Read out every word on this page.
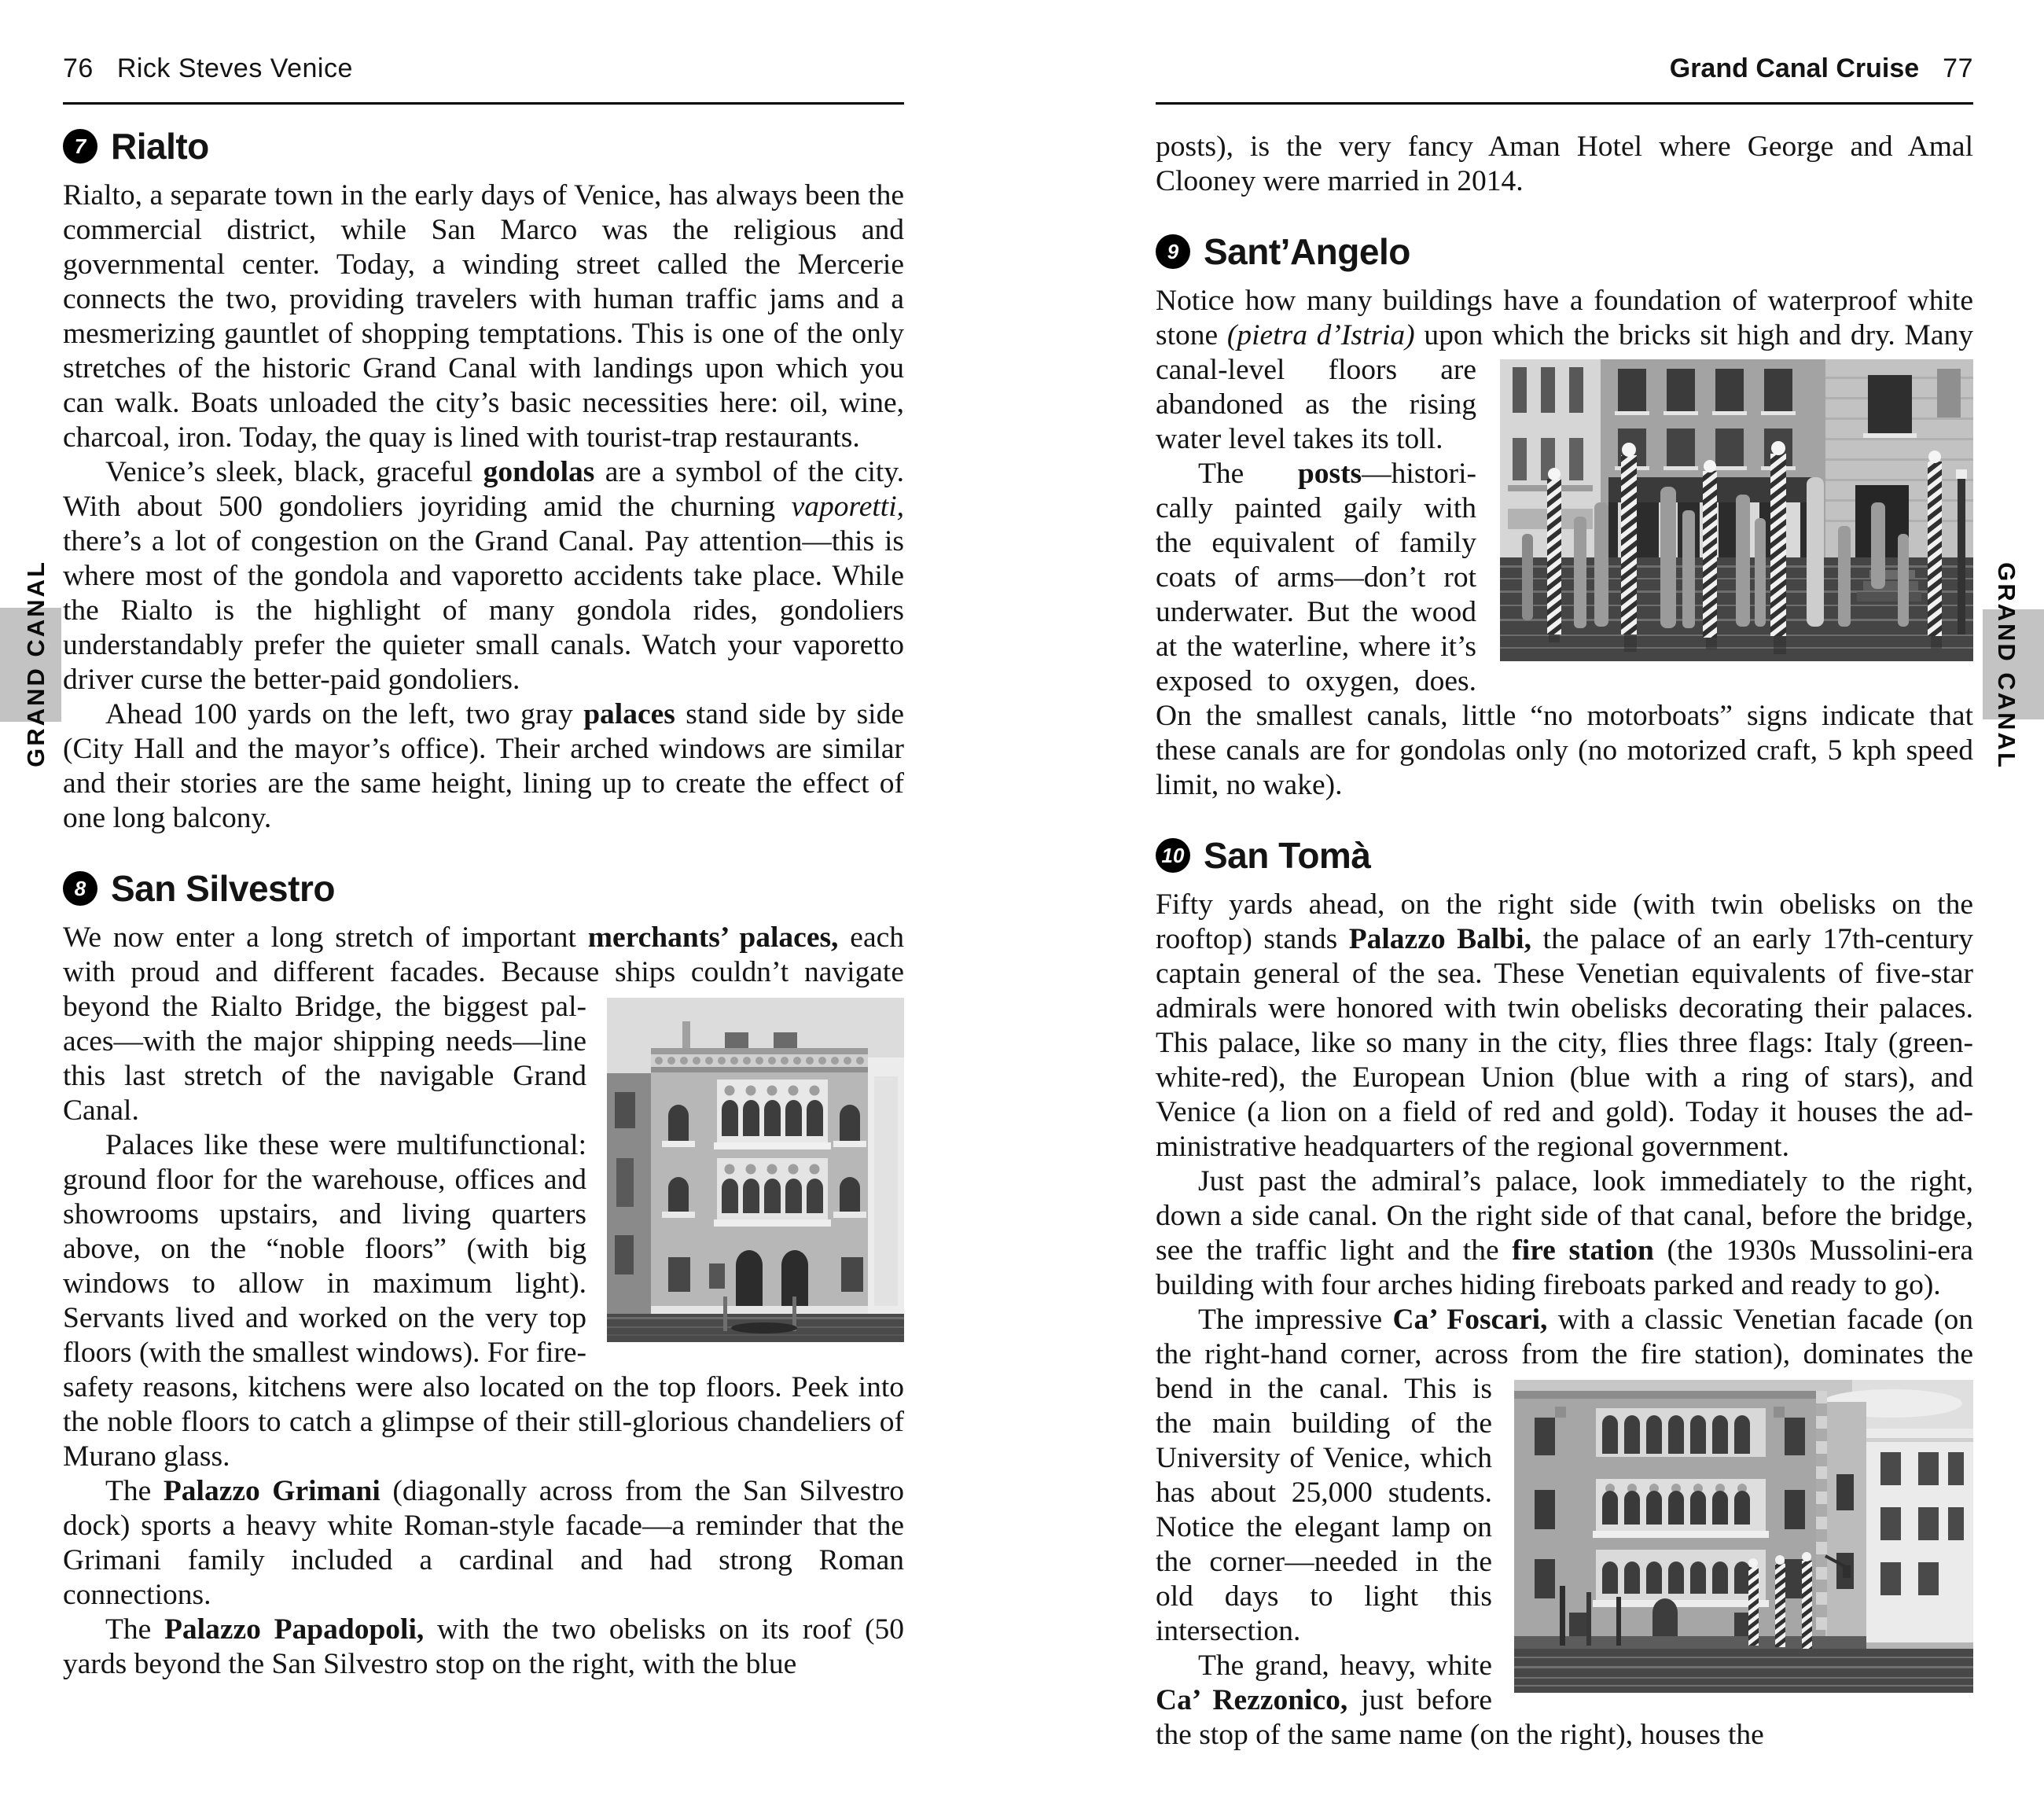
GRAND CANAL	GRAND CANAL
76 Rick Steves Venice
7 Rialto

Rialto, a separate town in the early days of Venice, has always been the commercial district, while San Marco was the religious and governmental center. Today, a winding street called the Mercerie connects the two, providing travelers with human traffic jams and a mesmerizing gauntlet of shopping temptations. This is one of the only stretches of the historic Grand Canal with landings upon which you can walk. Boats unloaded the city’s basic necessities here: oil, wine, charcoal, iron. Today, the quay is lined with tourist-trap restaurants.

Venice’s sleek, black, graceful gondolas are a symbol of the city. With about 500 gondoliers joyriding amid the churning vaporetti, there’s a lot of congestion on the Grand Canal. Pay attention—this is where most of the gondola and vaporetto accidents take place. While the Rialto is the highlight of many gondola rides, gondoliers understandably prefer the quieter small canals. Watch your vaporetto driver curse the better-paid gondoliers.

Ahead 100 yards on the left, two gray palaces stand side by side (City Hall and the mayor’s office). Their arched windows are similar and their stories are the same height, lining up to create the effect of one long balcony.

8 San Silvestro

We now enter a long stretch of important merchants’ palaces, each with proud and different facades. Because ships couldn’t navigate
beyond the Rialto Bridge, the biggest palaces—with the major shipping needs—line this last stretch of the navigable Grand Canal.

Palaces like these were multifunctional: ground floor for the warehouse, offices and showrooms upstairs, and living quarters above, on the “noble floors” (with big windows to allow in maximum light). Servants lived and worked on the very top floors (with the smallest windows). For fire-safety reasons, kitchens were also located on the top floors. Peek into the noble floors to catch a glimpse of their still-glorious chandeliers of Murano glass.

The Palazzo Grimani (diagonally across from the San Silvestro dock) sports a heavy white Roman-style facade—a reminder that the Grimani family included a cardinal and had strong Roman connections.

The Palazzo Papadopoli, with the two obelisks on its roof (50 yards beyond the San Silvestro stop on the right, with the blue

Grand Canal Cruise 77

posts), is the very fancy Aman Hotel where George and Amal Clooney were married in 2014.

9 Sant’Angelo

Notice how many buildings have a foundation of waterproof white stone (pietra d’Istria) upon which the bricks sit high and dry. Many
canal-level floors are abandoned as the rising water level takes its toll.

The posts—historically painted gaily with the equivalent of family coats of arms—don’t rot underwater. But the wood at the waterline, where it’s exposed to oxygen, does. On the smallest canals, little “no motorboats” signs indicate that these canals are for gondolas only (no motorized craft, 5 kph speed limit, no wake).

10 San Tomà

Fifty yards ahead, on the right side (with twin obelisks on the rooftop) stands Palazzo Balbi, the palace of an early 17th-century captain general of the sea. These Venetian equivalents of five-star admirals were honored with twin obelisks decorating their palaces. This palace, like so many in the city, flies three flags: Italy (green-white-red), the European Union (blue with a ring of stars), and Venice (a lion on a field of red and gold). Today it houses the administrative headquarters of the regional government.

Just past the admiral’s palace, look immediately to the right, down a side canal. On the right side of that canal, before the bridge, see the traffic light and the fire station (the 1930s Mussolini-era building with four arches hiding fireboats parked and ready to go).

The impressive Ca’ Foscari, with a classic Venetian facade (on the right-hand corner, across from the fire station), dominates
the bend in the canal. This is the main building of the University of Venice, which has about 25,000 students. Notice the elegant lamp on the corner—needed in the old days to light this intersection.

The grand, heavy, white Ca’ Rezzonico, just before the stop of the same name (on the right), houses the
